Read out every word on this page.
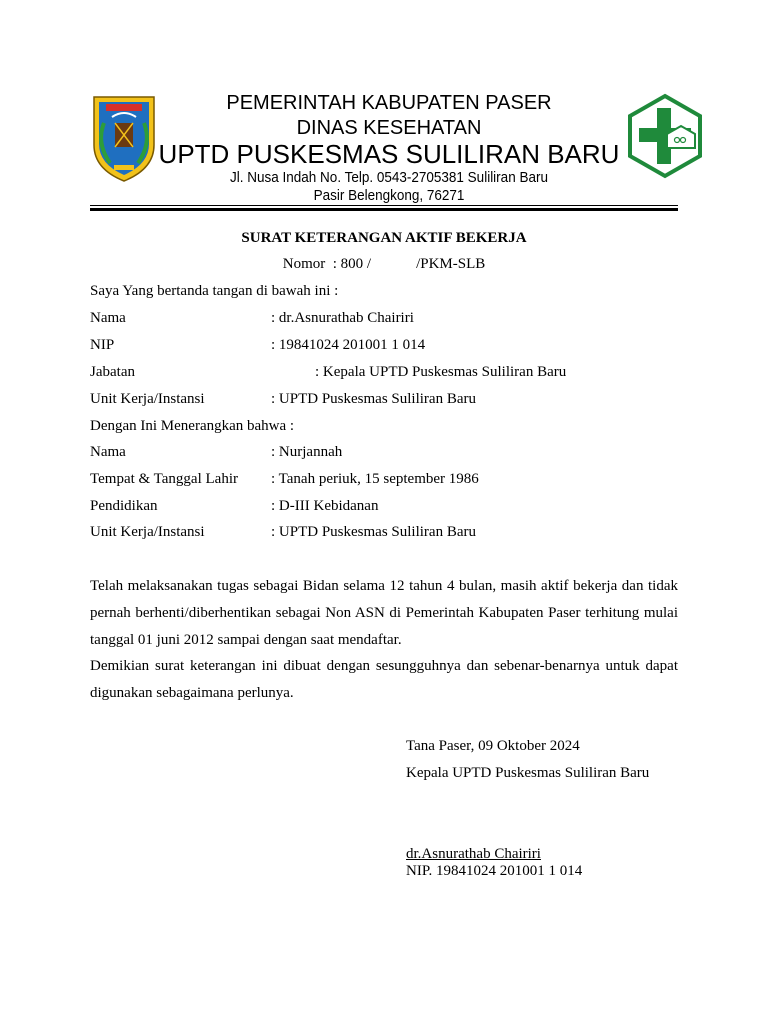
PEMERINTAH KABUPATEN PASER
DINAS KESEHATAN
UPTD PUSKESMAS SULILIRAN BARU
Jl. Nusa Indah No. Telp. 0543-2705381 Suliliran Baru
Pasir Belengkong, 76271
SURAT KETERANGAN AKTIF BEKERJA
Nomor  : 800 /            /PKM-SLB
Saya Yang bertanda tangan di bawah ini :
Nama	: dr.Asnurathab Chairiri
NIP	: 19841024 201001 1 014
Jabatan	: Kepala UPTD Puskesmas Suliliran Baru
Unit Kerja/Instansi	: UPTD Puskesmas Suliliran Baru
Dengan Ini Menerangkan bahwa :
Nama	: Nurjannah
Tempat & Tanggal Lahir : Tanah periuk, 15 september 1986
Pendidikan	: D-III Kebidanan
Unit Kerja/Instansi	: UPTD Puskesmas Suliliran Baru
Telah melaksanakan tugas sebagai Bidan selama 12 tahun 4 bulan, masih aktif bekerja dan tidak pernah berhenti/diberhentikan sebagai Non ASN di Pemerintah Kabupaten Paser terhitung mulai tanggal 01 juni 2012 sampai dengan saat mendaftar.
Demikian surat keterangan ini dibuat dengan sesungguhnya dan sebenar-benarnya untuk dapat digunakan sebagaimana perlunya.
Tana Paser, 09 Oktober 2024
Kepala UPTD Puskesmas Suliliran Baru
dr.Asnurathab Chairiri
NIP. 19841024 201001 1 014
